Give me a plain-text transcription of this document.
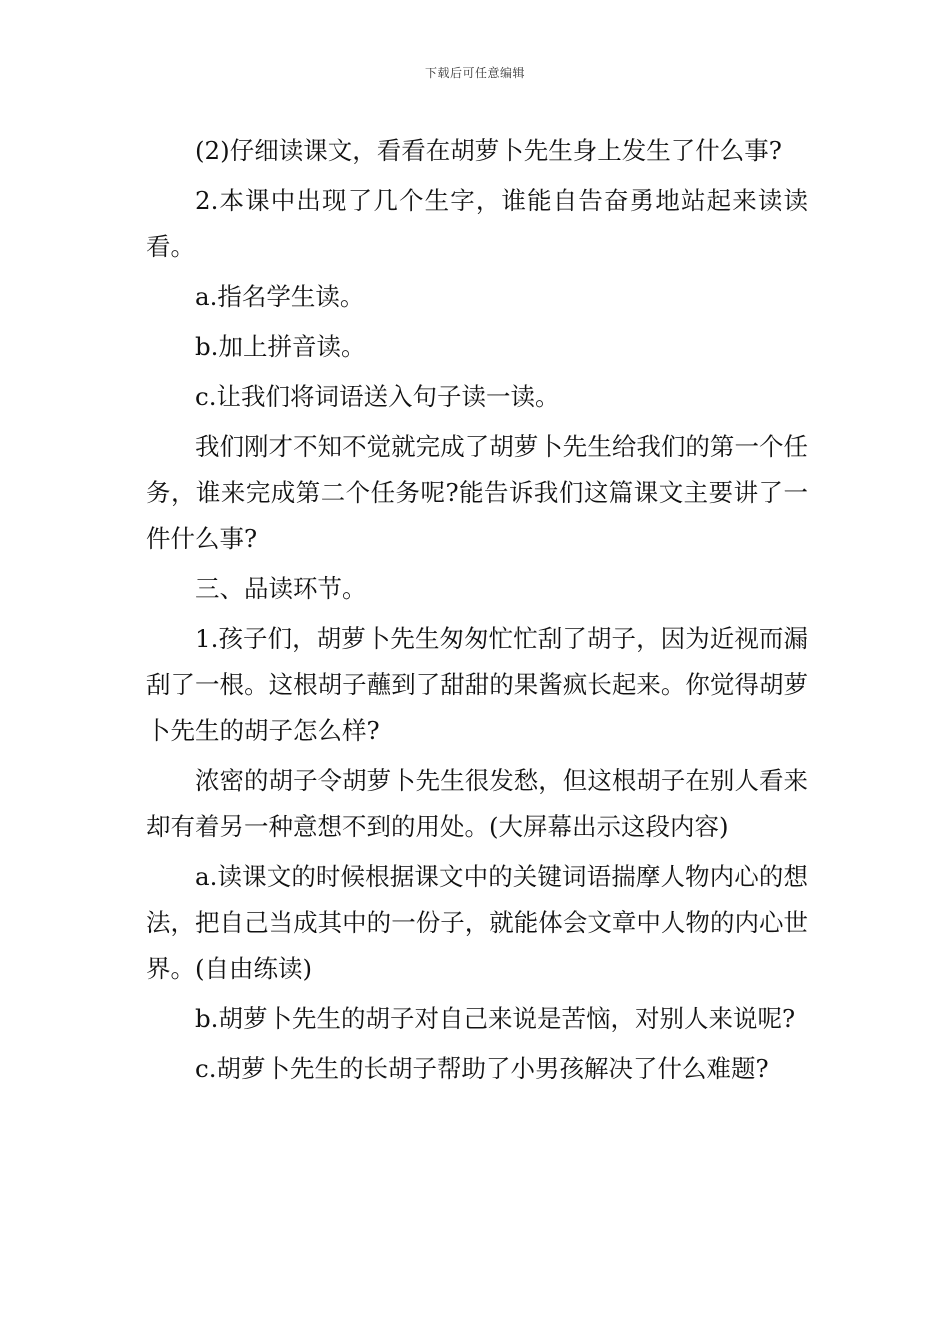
下载后可任意编辑

(2)仔细读课文，看看在胡萝卜先生身上发生了什么事?

2.本课中出现了几个生字，谁能自告奋勇地站起来读读看。

a.指名学生读。

b.加上拼音读。

c.让我们将词语送入句子读一读。

我们刚才不知不觉就完成了胡萝卜先生给我们的第一个任务，谁来完成第二个任务呢?能告诉我们这篇课文主要讲了一件什么事?

三、品读环节。

1.孩子们，胡萝卜先生匆匆忙忙刮了胡子，因为近视而漏刮了一根。这根胡子蘸到了甜甜的果酱疯长起来。你觉得胡萝卜先生的胡子怎么样?

浓密的胡子令胡萝卜先生很发愁，但这根胡子在别人看来却有着另一种意想不到的用处。(大屏幕出示这段内容)

a.读课文的时候根据课文中的关键词语揣摩人物内心的想法，把自己当成其中的一份子，就能体会文章中人物的内心世界。(自由练读)

b.胡萝卜先生的胡子对自己来说是苦恼，对别人来说呢?

c.胡萝卜先生的长胡子帮助了小男孩解决了什么难题?
